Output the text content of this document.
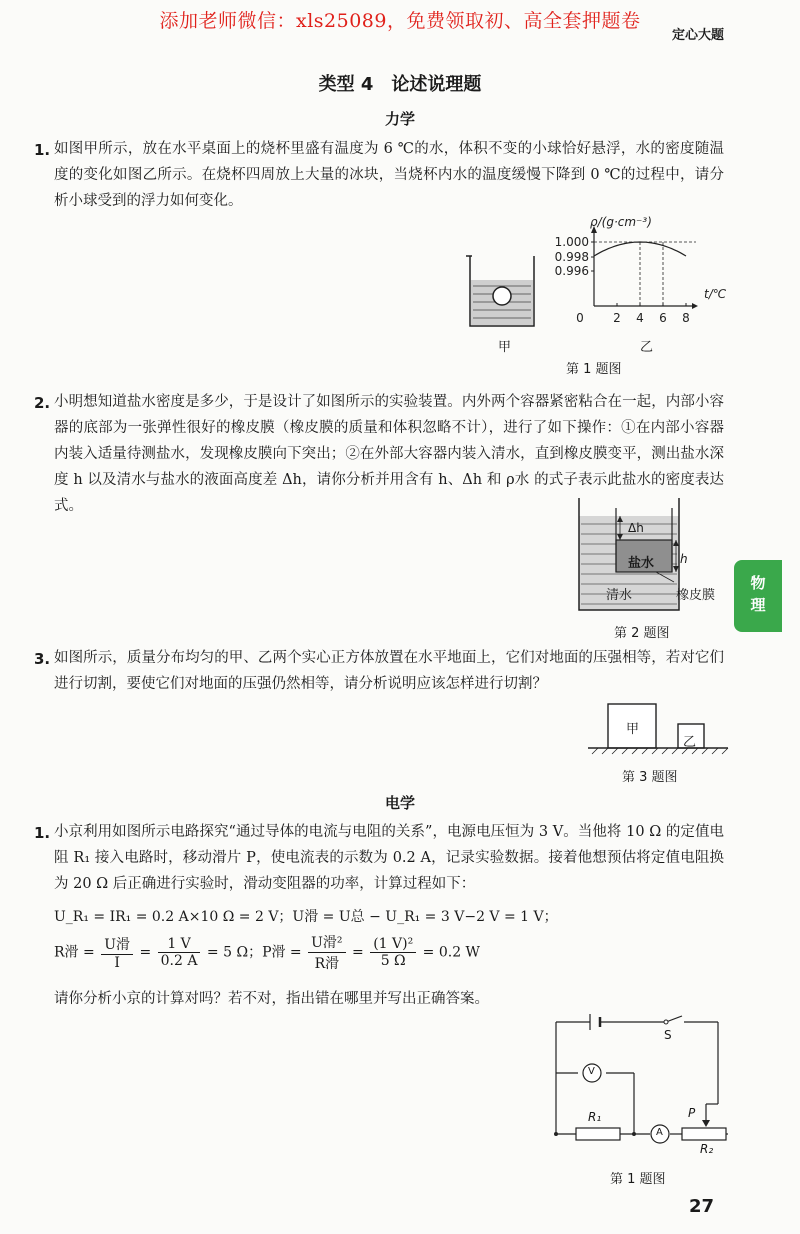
添加老师微信：xls25089，免费领取初、高全套押题卷
定心大题
类型 4　论述说理题
力学
1. 如图甲所示，放在水平桌面上的烧杯里盛有温度为 6 ℃的水，体积不变的小球恰好悬浮，水的密度随温度的变化如图乙所示。在烧杯四周放上大量的冰块，当烧杯内水的温度缓慢下降到 0 ℃的过程中，请分析小球受到的浮力如何变化。
甲
1.000
0.998
0.996
0 2 4 6 8
ρ/(g·cm⁻³)
t/℃
乙
第 1 题图
2. 小明想知道盐水密度是多少，于是设计了如图所示的实验装置。内外两个容器紧密粘合在一起，内部小容器的底部为一张弹性很好的橡皮膜（橡皮膜的质量和体积忽略不计），进行了如下操作：①在内部小容器内装入适量待测盐水，发现橡皮膜向下突出；②在外部大容器内装入清水，直到橡皮膜变平，测出盐水深度 h 以及清水与盐水的液面高度差 Δh，请你分析并用含有 h、Δh 和 ρ水 的式子表示此盐水的密度表达式。
Δh
h
盐水
清水	橡皮膜
第 2 题图
3. 如图所示，质量分布均匀的甲、乙两个实心正方体放置在水平地面上，它们对地面的压强相等，若对它们进行切割，要使它们对地面的压强仍然相等，请分析说明应该怎样进行切割？
甲
乙
第 3 题图
电学
1. 小京利用如图所示电路探究“通过导体的电流与电阻的关系”，电源电压恒为 3 V。当他将 10 Ω 的定值电阻 R₁ 接入电路时，移动滑片 P，使电流表的示数为 0.2 A，记录实验数据。接着他想预估将定值电阻换为 20 Ω 后正确进行实验时，滑动变阻器的功率，计算过程如下：
U_R₁ = IR₁ = 0.2 A×10 Ω = 2 V；U滑 = U总 − U_R₁ = 3 V−2 V = 1 V；
R滑 = $\frac{\text{U滑}}{I} = \frac{1 V}{0.2 A} = 5$ Ω；P滑 = $\frac{\text{U滑²}}{\text{R滑}} = \frac{\text{(1 V)²}}{5 \Omega} = 0.2$ W
请你分析小京的计算对吗？若不对，指出错在哪里并写出正确答案。
S
V
A
R₁
R₂
P
第 1 题图
物理
27
